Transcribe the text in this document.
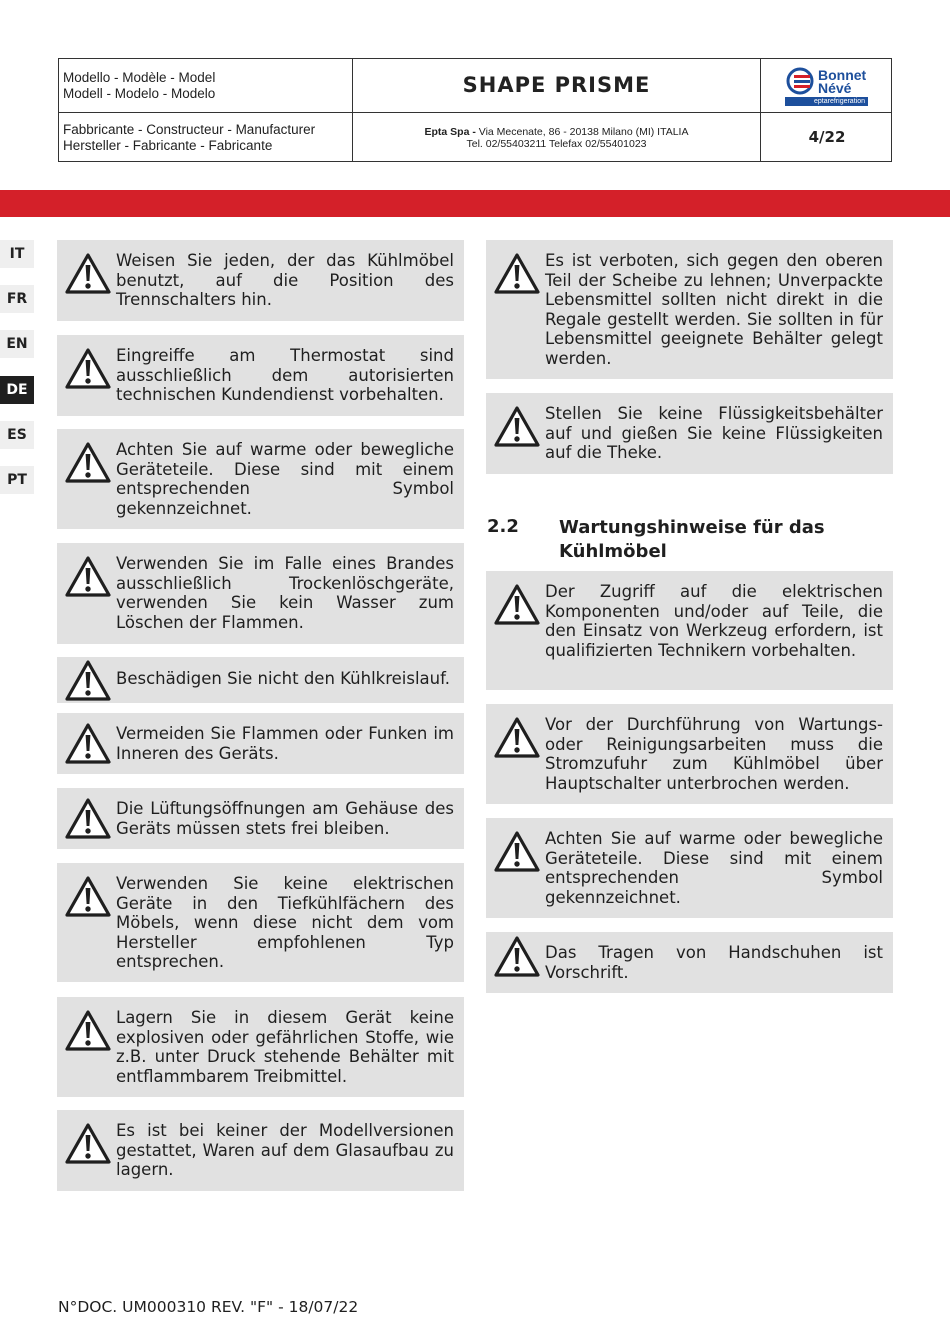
Modello - Modèle - Model
Modell - Modelo - Modelo	SHAPE PRISME	Bonnet
Névé
eptarefrigeration
Fabbricante - Constructeur - Manufacturer
Hersteller - Fabricante - Fabricante
Epta Spa - Via Mecenate, 86 - 20138 Milano (MI) ITALIA
Tel. 02/55403211 Telefax 02/55401023	4/22
IT
FR
EN
DE
ES
PT
Weisen Sie jeden, der das Kühlmöbel benutzt, auf die Position des Trennschalters hin.
Eingreiffe am Thermostat sind ausschließlich dem autorisierten technischen Kundendienst vorbehalten.
Achten Sie auf warme oder bewegliche Geräteteile. Diese sind mit einem entsprechenden Symbol gekennzeichnet.
Verwenden Sie im Falle eines Brandes ausschließlich Trockenlöschgeräte, verwenden Sie kein Wasser zum Löschen der Flammen.
Beschädigen Sie nicht den Kühlkreislauf.
Vermeiden Sie Flammen oder Funken im Inneren des Geräts.
Die Lüftungsöffnungen am Gehäuse des Geräts müssen stets frei bleiben.
Verwenden Sie keine elektrischen Geräte in den Tiefkühlfächern des Möbels, wenn diese nicht dem vom Hersteller empfohlenen Typ entsprechen.
Lagern Sie in diesem Gerät keine explosiven oder gefährlichen Stoffe, wie z.B. unter Druck stehende Behälter mit entflammbarem Treibmittel.
Es ist bei keiner der Modellversionen gestattet, Waren auf dem Glasaufbau zu lagern.
Es ist verboten, sich gegen den oberen Teil der Scheibe zu lehnen; Unverpackte Lebensmittel sollten nicht direkt in die Regale gestellt werden. Sie sollten in für Lebensmittel geeignete Behälter gelegt werden.
Stellen Sie keine Flüssigkeitsbehälter auf und gießen Sie keine Flüssigkeiten auf die Theke.
2.2 Wartungshinweise für das Kühlmöbel
Der Zugriff auf die elektrischen Komponenten und/oder auf Teile, die den Einsatz von Werkzeug erfordern, ist qualifizierten Technikern vorbehalten.
Vor der Durchführung von Wartungs- oder Reinigungsarbeiten muss die Stromzufuhr zum Kühlmöbel über Hauptschalter unterbrochen werden.
Achten Sie auf warme oder bewegliche Geräteteile. Diese sind mit einem entsprechenden Symbol gekennzeichnet.
Das Tragen von Handschuhen ist Vorschrift.
N°DOC. UM000310 REV. "F" - 18/07/22
